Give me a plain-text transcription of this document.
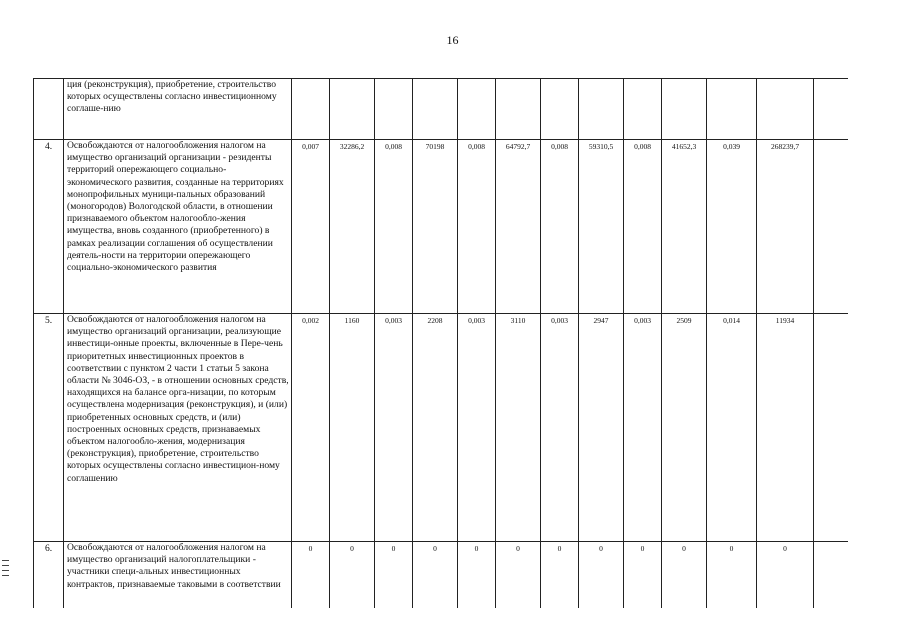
16
	ция (реконструкция), приобретение, строительство которых осуществлены согласно инвестиционному соглаше-нию													
4.	Освобождаются от налогообложения налогом на имущество организаций организации - резиденты территорий опережающего социально-экономического развития, созданные на территориях монопрофильных муници-пальных образований (моногородов) Вологодской области, в отношении признаваемого объектом налогообло-жения имущества, вновь созданного (приобретенного) в рамках реализации соглашения об осуществлении деятель-ности на территории опережающего социально-экономического развития	0,007	32286,2	0,008	70198	0,008	64792,7	0,008	59310,5	0,008	41652,3	0,039	268239,7	
5.	Освобождаются от налогообложения налогом на имущество организаций организации, реализующие инвестици-онные проекты, включенные в Пере-чень приоритетных инвестиционных проектов в соответствии с пунктом 2 части 1 статьи 5 закона области № 3046-ОЗ, - в отношении основных средств, находящихся на балансе орга-низации, по которым осуществлена модернизация (реконструкция), и (или) приобретенных основных средств, и (или) построенных основных средств, признаваемых объектом налогообло-жения, модернизация (реконструкция), приобретение, строительство которых осуществлены согласно инвестицион-ному соглашению	0,002	1160	0,003	2208	0,003	3110	0,003	2947	0,003	2509	0,014	11934	
6.	Освобождаются от налогообложения налогом на имущество организаций налогоплательщики - участники специ-альных инвестиционных контрактов, признаваемые таковыми в соответствии	0	0	0	0	0	0	0	0	0	0	0	0	
